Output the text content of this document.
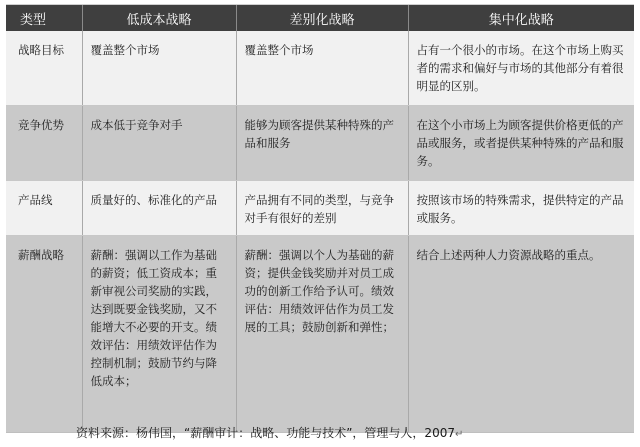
类型	低成本战略	差别化战略	集中化战略
战略目标	覆盖整个市场	覆盖整个市场	占有一个很小的市场。在这个市场上购买者的需求和偏好与市场的其他部分有着很明显的区别。
竞争优势	成本低于竞争对手	能够为顾客提供某种特殊的产品和服务	在这个小市场上为顾客提供价格更低的产品或服务，或者提供某种特殊的产品和服务。
产品线	质量好的、标准化的产品	产品拥有不同的类型，与竞争对手有很好的差别	按照该市场的特殊需求，提供特定的产品或服务。
薪酬战略	薪酬：强调以工作为基础的薪资；低工资成本；重新审视公司奖励的实践，达到既要金钱奖励，又不能增大不必要的开支。绩效评估：用绩效评估作为控制机制；鼓励节约与降低成本；	薪酬：强调以个人为基础的薪资；提供金钱奖励并对员工成功的创新工作给予认可。绩效评估：用绩效评估作为员工发展的工具；鼓励创新和弹性；	结合上述两种人力资源战略的重点。
资料来源：杨伟国，“薪酬审计：战略、功能与技术”，管理与人，2007↵
